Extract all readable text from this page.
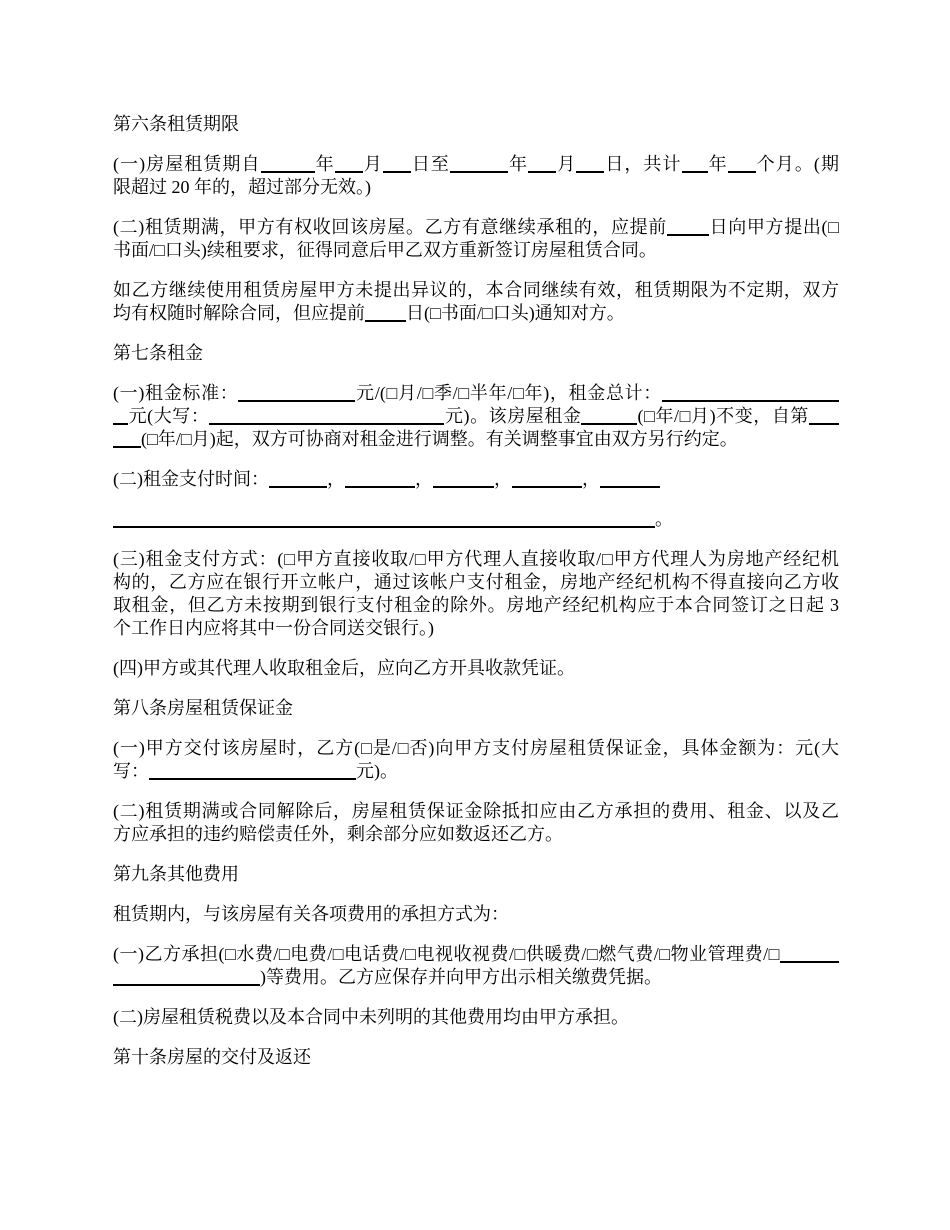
第六条租赁期限
(一)房屋租赁期自	年 月 日至	年 月 日，共计 年 个月。(期
限超过 20 年的，超过部分无效。)
(二)租赁期满，甲方有权收回该房屋。乙方有意继续承租的，应提前 日向甲方提出(□
书面/□口头)续租要求，征得同意后甲乙双方重新签订房屋租赁合同。
如乙方继续使用租赁房屋甲方未提出异议的，本合同继续有效，租赁期限为不定期，双方
均有权随时解除合同，但应提前 日(□书面/□口头)通知对方。
第七条租金
(一)租金标准：	元/(□月/□季/□半年/□年)，租金总计：
元(大写：	元)。该房屋租金	(□年/□月)不变，自第
(□年/□月)起，双方可协商对租金进行调整。有关调整事宜由双方另行约定。
(二)租金支付时间：	，	，	，	，
。
(三)租金支付方式：(□甲方直接收取/□甲方代理人直接收取/□甲方代理人为房地产经纪机
构的，乙方应在银行开立帐户，通过该帐户支付租金，房地产经纪机构不得直接向乙方收
取租金，但乙方未按期到银行支付租金的除外。房地产经纪机构应于本合同签订之日起 3
个工作日内应将其中一份合同送交银行。)
(四)甲方或其代理人收取租金后，应向乙方开具收款凭证。
第八条房屋租赁保证金
(一)甲方交付该房屋时，乙方(□是/□否)向甲方支付房屋租赁保证金，具体金额为：元(大
写：	元)。
(二)租赁期满或合同解除后，房屋租赁保证金除抵扣应由乙方承担的费用、租金、以及乙
方应承担的违约赔偿责任外，剩余部分应如数返还乙方。
第九条其他费用
租赁期内，与该房屋有关各项费用的承担方式为：
(一)乙方承担(□水费/□电费/□电话费/□电视收视费/□供暖费/□燃气费/□物业管理费/□
)等费用。乙方应保存并向甲方出示相关缴费凭据。
(二)房屋租赁税费以及本合同中未列明的其他费用均由甲方承担。
第十条房屋的交付及返还
